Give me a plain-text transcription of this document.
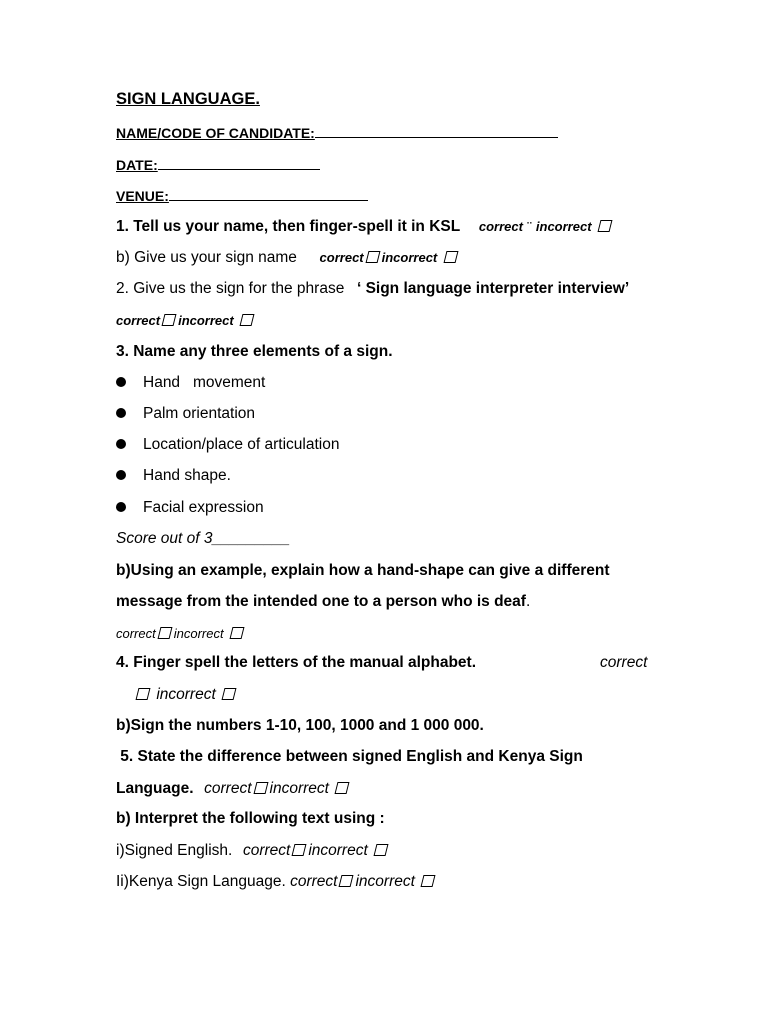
SIGN LANGUAGE.
NAME/CODE OF CANDIDATE:
DATE:
VENUE:
1. Tell us your name, then finger-spell it in KSL correct ¨ incorrect
b) Give us your sign name correct incorrect
2. Give us the sign for the phrase ‘ Sign language interpreter interview’
correct incorrect
3. Name any three elements of a sign.
Hand   movement
Palm orientation
Location/place of articulation
Hand shape.
Facial expression
Score out of 3_________
b)Using an example, explain how a hand-shape can give a different
message from the intended one to a person who is deaf.
correct incorrect
4. Finger spell the letters of the manual alphabet.	correct
incorrect
b)Sign the numbers 1-10, 100, 1000 and 1 000 000.
5. State the difference between signed English and Kenya Sign
Language. correct incorrect
b) Interpret the following text using :
i)Signed English. correct incorrect
Ii)Kenya Sign Language. correct incorrect
